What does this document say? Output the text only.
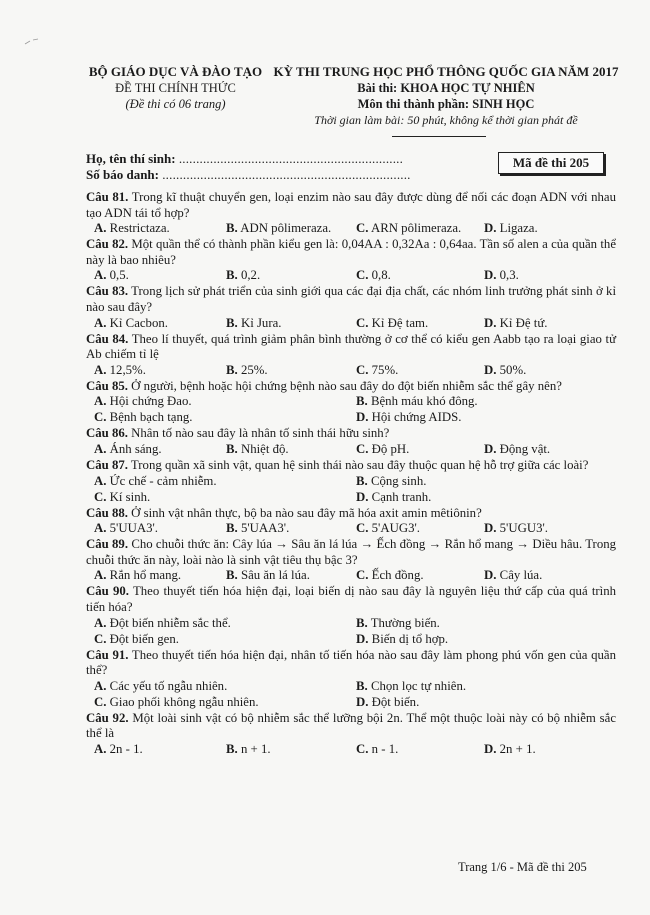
BỘ GIÁO DỤC VÀ ĐÀO TẠO
ĐỀ THI CHÍNH THỨC
(Đề thi có 06 trang)
KỲ THI TRUNG HỌC PHỔ THÔNG QUỐC GIA NĂM 2017
Bài thi: KHOA HỌC TỰ NHIÊN
Môn thi thành phần: SINH HỌC
Thời gian làm bài: 50 phút, không kể thời gian phát đề
Họ, tên thí sinh: .................................................................
Số báo danh: ........................................................................
Mã đề thi 205
Câu 81. Trong kĩ thuật chuyển gen, loại enzim nào sau đây được dùng để nối các đoạn ADN với nhau tạo ADN tái tổ hợp?
A. Restrictaza.	B. ADN pôlimeraza. C. ARN pôlimeraza. D. Ligaza.
Câu 82. Một quần thể có thành phần kiểu gen là: 0,04AA : 0,32Aa : 0,64aa. Tần số alen a của quần thể này là bao nhiêu?
A. 0,5.	B. 0,2.	C. 0,8.	D. 0,3.
Câu 83. Trong lịch sử phát triển của sinh giới qua các đại địa chất, các nhóm linh trưởng phát sinh ở kỉ nào sau đây?
A. Kỉ Cacbon.	B. Kỉ Jura.	C. Kỉ Đệ tam.	D. Kỉ Đệ tứ.
Câu 84. Theo lí thuyết, quá trình giảm phân bình thường ở cơ thể có kiểu gen Aabb tạo ra loại giao tử Ab chiếm tỉ lệ
A. 12,5%.	B. 25%.	C. 75%.	D. 50%.
Câu 85. Ở người, bệnh hoặc hội chứng bệnh nào sau đây do đột biến nhiễm sắc thể gây nên?
A. Hội chứng Đao.	B. Bệnh máu khó đông.
C. Bệnh bạch tạng.	D. Hội chứng AIDS.
Câu 86. Nhân tố nào sau đây là nhân tố sinh thái hữu sinh?
A. Ánh sáng.	B. Nhiệt độ.	C. Độ pH.	D. Động vật.
Câu 87. Trong quần xã sinh vật, quan hệ sinh thái nào sau đây thuộc quan hệ hỗ trợ giữa các loài?
A. Ức chế - cảm nhiễm.	B. Cộng sinh.
C. Kí sinh.	D. Cạnh tranh.
Câu 88. Ở sinh vật nhân thực, bộ ba nào sau đây mã hóa axit amin mêtiônin?
A. 5'UUA3'.	B. 5'UAA3'.	C. 5'AUG3'.	D. 5'UGU3'.
Câu 89. Cho chuỗi thức ăn: Cây lúa → Sâu ăn lá lúa → Ếch đồng → Rắn hổ mang → Diều hâu. Trong chuỗi thức ăn này, loài nào là sinh vật tiêu thụ bậc 3?
A. Rắn hổ mang.	B. Sâu ăn lá lúa.	C. Ếch đồng.	D. Cây lúa.
Câu 90. Theo thuyết tiến hóa hiện đại, loại biến dị nào sau đây là nguyên liệu thứ cấp của quá trình tiến hóa?
A. Đột biến nhiễm sắc thể.	B. Thường biến.
C. Đột biến gen.	D. Biến dị tổ hợp.
Câu 91. Theo thuyết tiến hóa hiện đại, nhân tố tiến hóa nào sau đây làm phong phú vốn gen của quần thể?
A. Các yếu tố ngẫu nhiên.	B. Chọn lọc tự nhiên.
C. Giao phối không ngẫu nhiên.	D. Đột biến.
Câu 92. Một loài sinh vật có bộ nhiễm sắc thể lưỡng bội 2n. Thể một thuộc loài này có bộ nhiễm sắc thể là
A. 2n - 1.	B. n + 1.	C. n - 1.	D. 2n + 1.
Trang 1/6 - Mã đề thi 205
